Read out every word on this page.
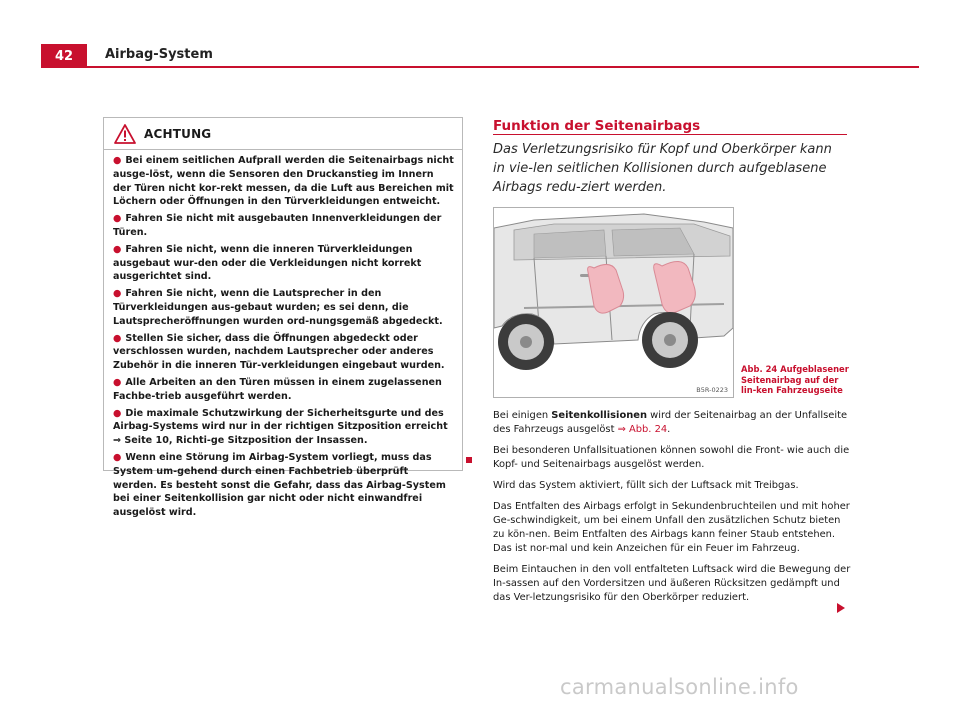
42	Airbag-System
ACHTUNG
● Bei einem seitlichen Aufprall werden die Seitenairbags nicht ausge-löst, wenn die Sensoren den Druckanstieg im Innern der Türen nicht kor-rekt messen, da die Luft aus Bereichen mit Löchern oder Öffnungen in den Türverkleidungen entweicht.
● Fahren Sie nicht mit ausgebauten Innenverkleidungen der Türen.
● Fahren Sie nicht, wenn die inneren Türverkleidungen ausgebaut wur-den oder die Verkleidungen nicht korrekt ausgerichtet sind.
● Fahren Sie nicht, wenn die Lautsprecher in den Türverkleidungen aus-gebaut wurden; es sei denn, die Lautsprecheröffnungen wurden ord-nungsgemäß abgedeckt.
● Stellen Sie sicher, dass die Öffnungen abgedeckt oder verschlossen wurden, nachdem Lautsprecher oder anderes Zubehör in die inneren Tür-verkleidungen eingebaut wurden.
● Alle Arbeiten an den Türen müssen in einem zugelassenen Fachbe-trieb ausgeführt werden.
● Die maximale Schutzwirkung der Sicherheitsgurte und des Airbag-Systems wird nur in der richtigen Sitzposition erreicht ⇒ Seite 10, Richti-ge Sitzposition der Insassen.
● Wenn eine Störung im Airbag-System vorliegt, muss das System um-gehend durch einen Fachbetrieb überprüft werden. Es besteht sonst die Gefahr, dass das Airbag-System bei einer Seitenkollision gar nicht oder nicht einwandfrei ausgelöst wird.
Funktion der Seitenairbags
Das Verletzungsrisiko für Kopf und Oberkörper kann in vie-len seitlichen Kollisionen durch aufgeblasene Airbags redu-ziert werden.
B5R-0223
Abb. 24 Aufgeblasener Seitenairbag auf der lin-ken Fahrzeugseite

Bei einigen Seitenkollisionen wird der Seitenairbag an der Unfallseite des Fahrzeugs ausgelöst ⇒ Abb. 24.

Bei besonderen Unfallsituationen können sowohl die Front- wie auch die Kopf- und Seitenairbags ausgelöst werden.

Wird das System aktiviert, füllt sich der Luftsack mit Treibgas.

Das Entfalten des Airbags erfolgt in Sekundenbruchteilen und mit hoher Ge-schwindigkeit, um bei einem Unfall den zusätzlichen Schutz bieten zu kön-nen. Beim Entfalten des Airbags kann feiner Staub entstehen. Das ist nor-mal und kein Anzeichen für ein Feuer im Fahrzeug.

Beim Eintauchen in den voll entfalteten Luftsack wird die Bewegung der In-sassen auf den Vordersitzen und äußeren Rücksitzen gedämpft und das Ver-letzungsrisiko für den Oberkörper reduziert.

carmanualsonline.info
